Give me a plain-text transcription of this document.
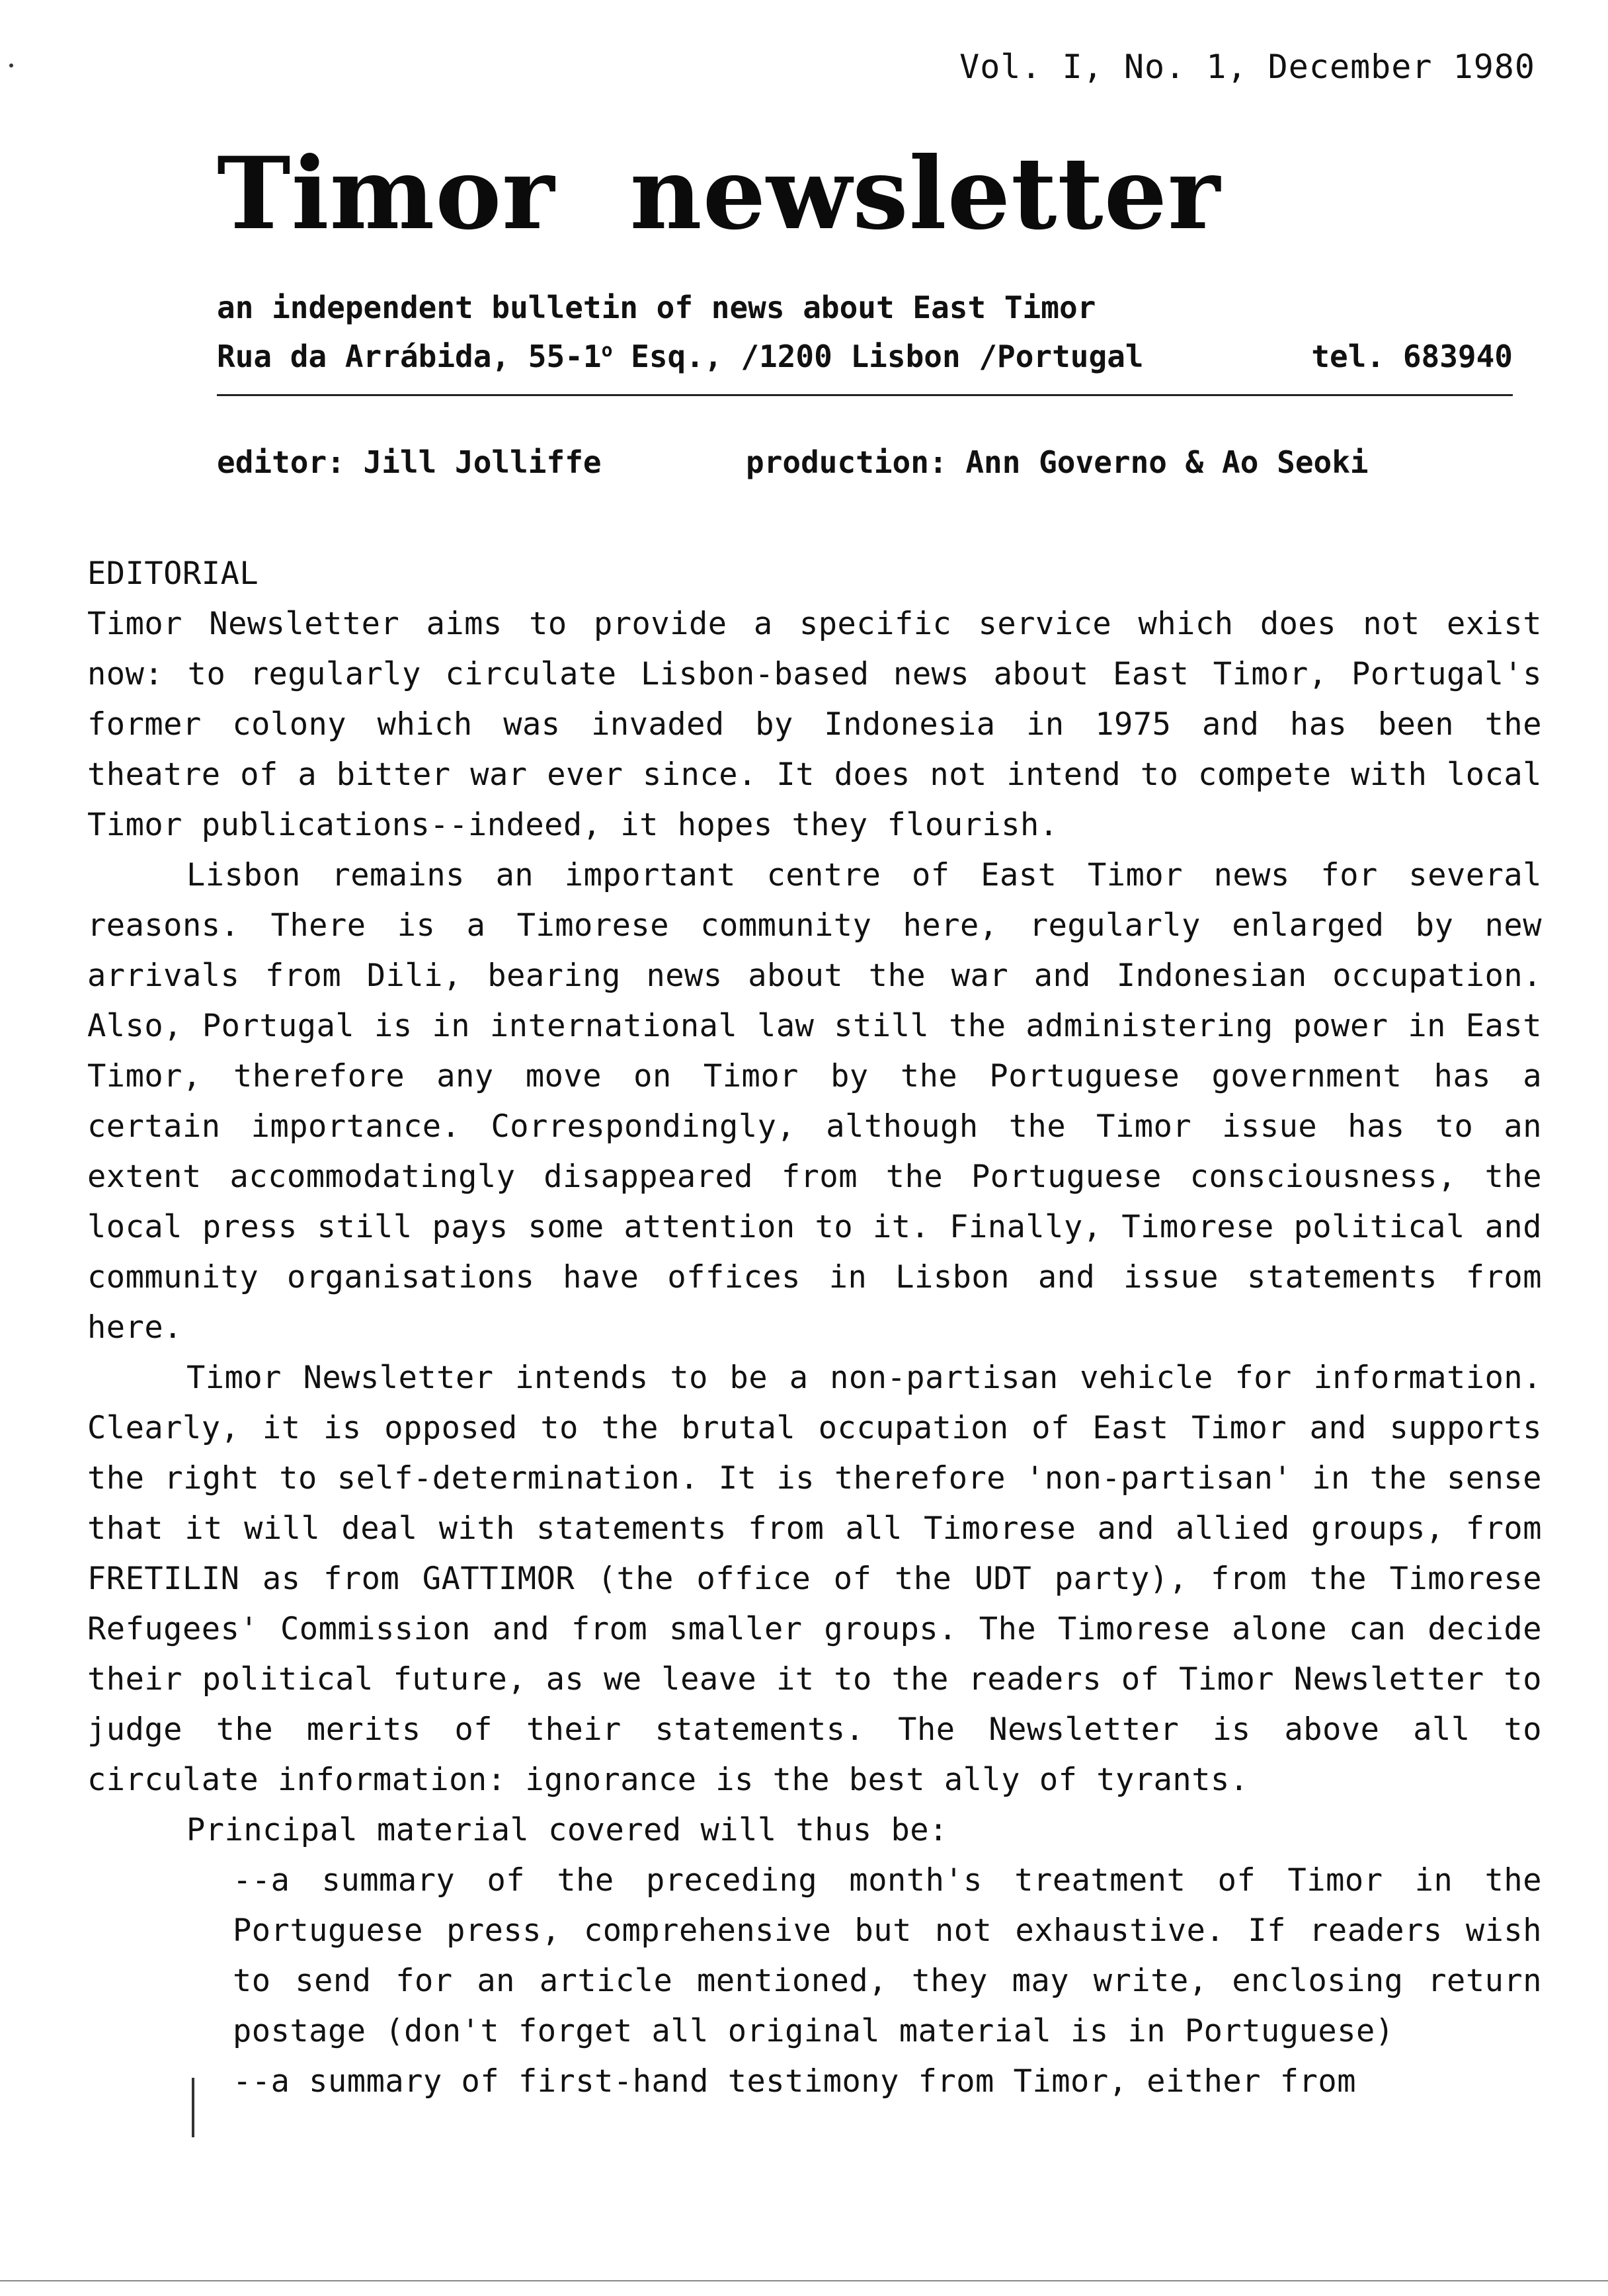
Vol. I, No. 1, December 1980
Timor newsletter
an independent bulletin of news about East Timor
Rua da Arrábida, 55-1$^o$ Esq., /1200 Lisbon /Portugal	tel. 683940
editor: Jill Jolliffe	production: Ann Governo & Ao Seoki
EDITORIAL

Timor Newsletter aims to provide a specific service which does not exist now: to regularly circulate Lisbon-based news about East Timor, Portugal's former colony which was invaded by Indonesia in 1975 and has been the theatre of a bitter war ever since. It does not intend to compete with local Timor publications--indeed, it hopes they flourish.

Lisbon remains an important centre of East Timor news for several reasons. There is a Timorese community here, regularly enlarged by new arrivals from Dili, bearing news about the war and Indonesian occupation. Also, Portugal is in international law still the administering power in East Timor, therefore any move on Timor by the Portuguese government has a certain importance. Correspondingly, although the Timor issue has to an extent accommodatingly disappeared from the Portuguese consciousness, the local press still pays some attention to it. Finally, Timorese political and community organisations have offices in Lisbon and issue statements from here.

Timor Newsletter intends to be a non-partisan vehicle for information. Clearly, it is opposed to the brutal occupation of East Timor and supports the right to self-determination. It is therefore 'non-partisan' in the sense that it will deal with statements from all Timorese and allied groups, from FRETILIN as from GATTIMOR (the office of the UDT party), from the Timorese Refugees' Commission and from smaller groups. The Timorese alone can decide their political future, as we leave it to the readers of Timor Newsletter to judge the merits of their statements. The Newsletter is above all to circulate information: ignorance is the best ally of tyrants.

Principal material covered will thus be:

--a summary of the preceding month's treatment of Timor in the Portuguese press, comprehensive but not exhaustive. If readers wish to send for an article mentioned, they may write, enclosing return postage (don't forget all original material is in Portuguese)

--a summary of first-hand testimony from Timor, either from
